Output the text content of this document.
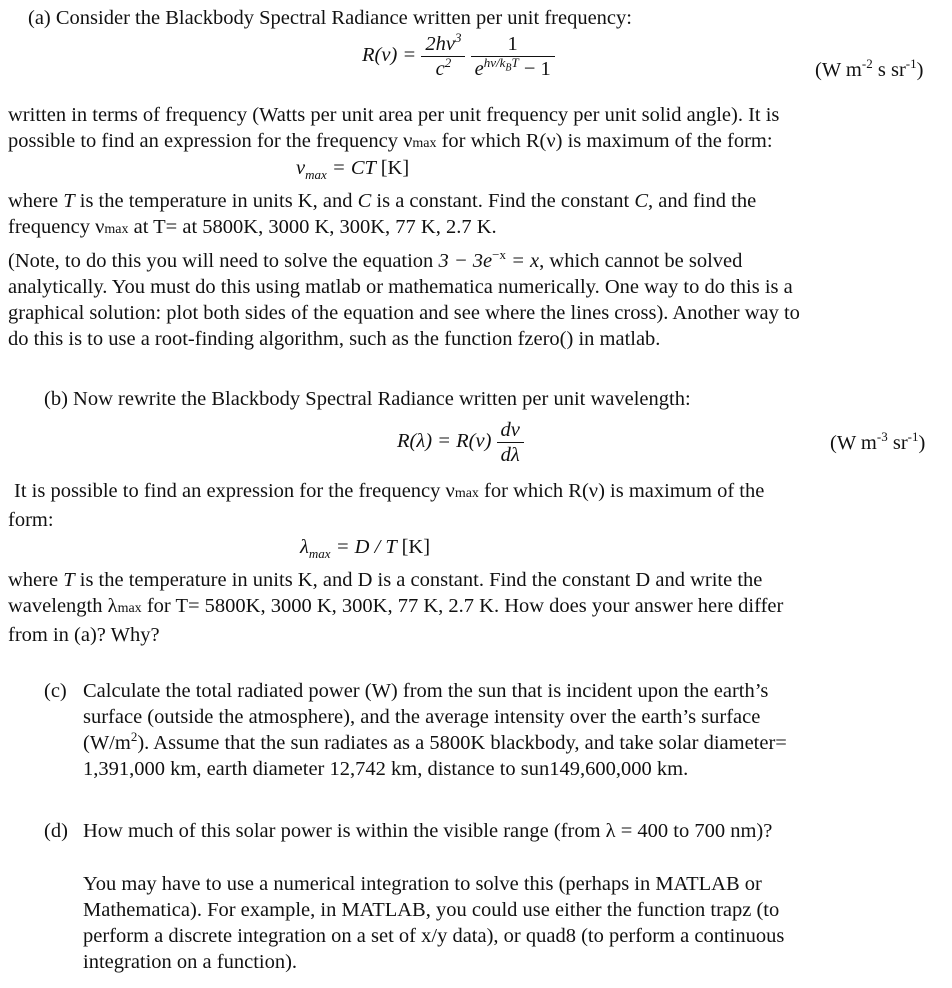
(a) Consider the Blackbody Spectral Radiance written per unit frequency:
$R(\nu) = \frac{2h\nu^3}{c^2}$
$\frac{1}{e^{h\nu/k_BT} - 1}$	(W $m^{-2}$ s $sr^{-1}$)
written in terms of frequency (Watts per unit area per unit frequency per unit solid angle). It is
possible to find an expression for the frequency νmax for which R(ν) is maximum of the form:
$\nu_{max}$ = CT [K]
where T is the temperature in units K, and C is a constant. Find the constant C, and find the
frequency νmax at T= at 5800K, 3000 K, 300K, 77 K, 2.7 K.
(Note, to do this you will need to solve the equation $3 - 3e^{-x} = x$, which cannot be solved
analytically. You must do this using matlab or mathematica numerically. One way to do this is a
graphical solution: plot both sides of the equation and see where the lines cross). Another way to
do this is to use a root-finding algorithm, such as the function fzero() in matlab.
(b) Now rewrite the Blackbody Spectral Radiance written per unit wavelength:
$R(\lambda) = R(\nu) \frac{d\nu}{d\lambda}$	(W $m^{-3}$ $sr^{-1}$)
It is possible to find an expression for the frequency νmax for which R(ν) is maximum of the
form:
$\lambda_{max} = D / T$ [K]
where T is the temperature in units K, and D is a constant. Find the constant D and write the
wavelength λmax for T= 5800K, 3000 K, 300K, 77 K, 2.7 K. How does your answer here differ
from in (a)? Why?
(c) Calculate the total radiated power (W) from the sun that is incident upon the earth’s
surface (outside the atmosphere), and the average intensity over the earth’s surface
$(W/m^2)$. Assume that the sun radiates as a 5800K blackbody, and take solar diameter=
1,391,000 km, earth diameter 12,742 km, distance to sun149,600,000 km.
(d) How much of this solar power is within the visible range (from λ = 400 to 700 nm)?
You may have to use a numerical integration to solve this (perhaps in MATLAB or
Mathematica). For example, in MATLAB, you could use either the function trapz (to
perform a discrete integration on a set of x/y data), or quad8 (to perform a continuous
integration on a function).
